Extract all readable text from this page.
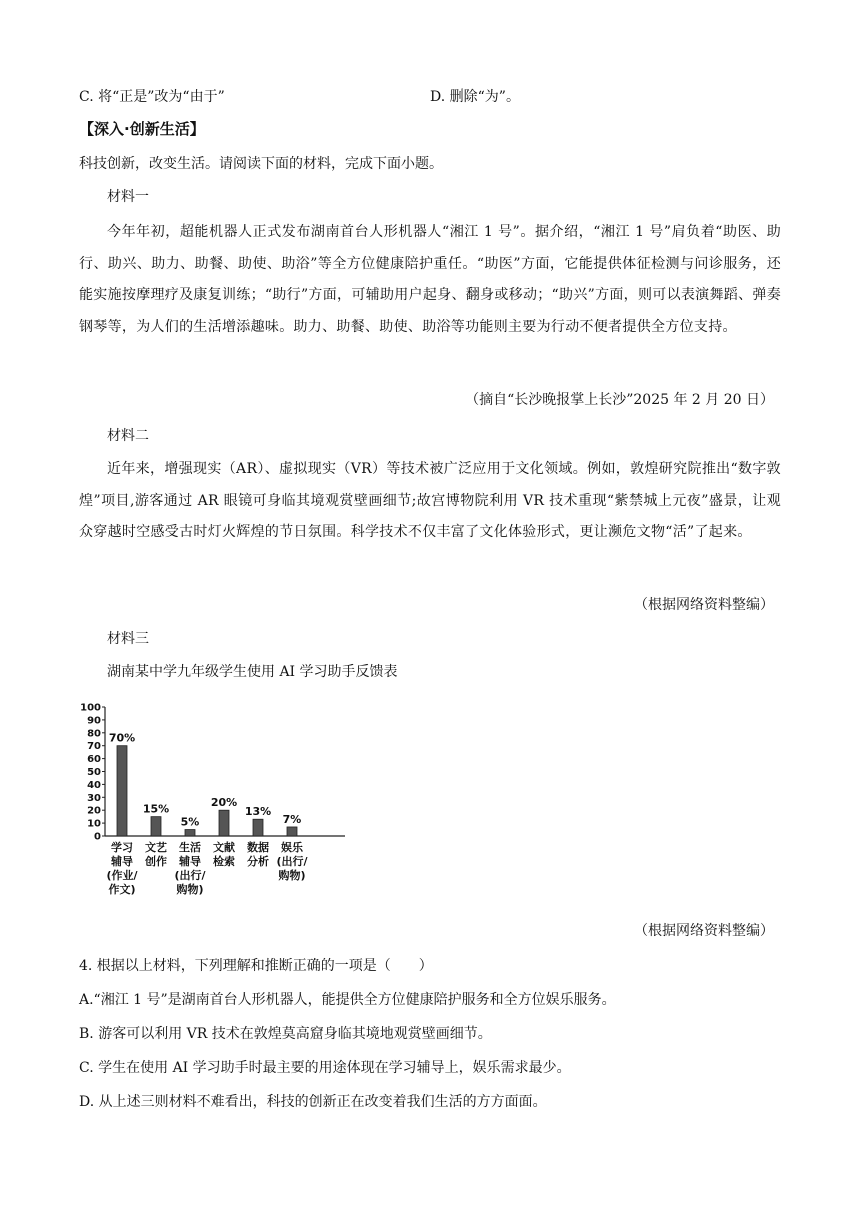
C. 将“正是”改为“由于”	D. 删除“为”。
【深入·创新生活】
科技创新，改变生活。请阅读下面的材料，完成下面小题。
材料一
今年年初，超能机器人正式发布湖南首台人形机器人“湘江 1 号”。据介绍，“湘江 1 号”肩负着“助医、助行、助兴、助力、助餐、助使、助浴”等全方位健康陪护重任。“助医”方面，它能提供体征检测与问诊服务，还能实施按摩理疗及康复训练；“助行”方面，可辅助用户起身、翻身或移动；“助兴”方面，则可以表演舞蹈、弹奏钢琴等，为人们的生活增添趣味。助力、助餐、助使、助浴等功能则主要为行动不便者提供全方位支持。
（摘自“长沙晚报掌上长沙”2025 年 2 月 20 日）
材料二
近年来，增强现实（AR）、虚拟现实（VR）等技术被广泛应用于文化领域。例如，敦煌研究院推出“数字敦煌”项目,游客通过 AR 眼镜可身临其境观赏壁画细节;故宫博物院利用 VR 技术重现“紫禁城上元夜”盛景，让观众穿越时空感受古时灯火辉煌的节日氛围。科学技术不仅丰富了文化体验形式，更让濒危文物“活”了起来。
（根据网络资料整编）
材料三
湖南某中学九年级学生使用 AI 学习助手反馈表
100
90
80
70
60
50
40
30
20
10
0
70%
15%
5%
20%
13%
7%
学习
辅导
(作业/
作文)
文艺
创作
生活
辅导
(出行/
购物)
文献
检索
数据
分析
娱乐
(出行/
购物)
（根据网络资料整编）
4. 根据以上材料，下列理解和推断正确的一项是（　　）
A.“湘江 1 号”是湖南首台人形机器人，能提供全方位健康陪护服务和全方位娱乐服务。
B. 游客可以利用 VR 技术在敦煌莫高窟身临其境地观赏壁画细节。
C. 学生在使用 AI 学习助手时最主要的用途体现在学习辅导上，娱乐需求最少。
D. 从上述三则材料不难看出，科技的创新正在改变着我们生活的方方面面。
